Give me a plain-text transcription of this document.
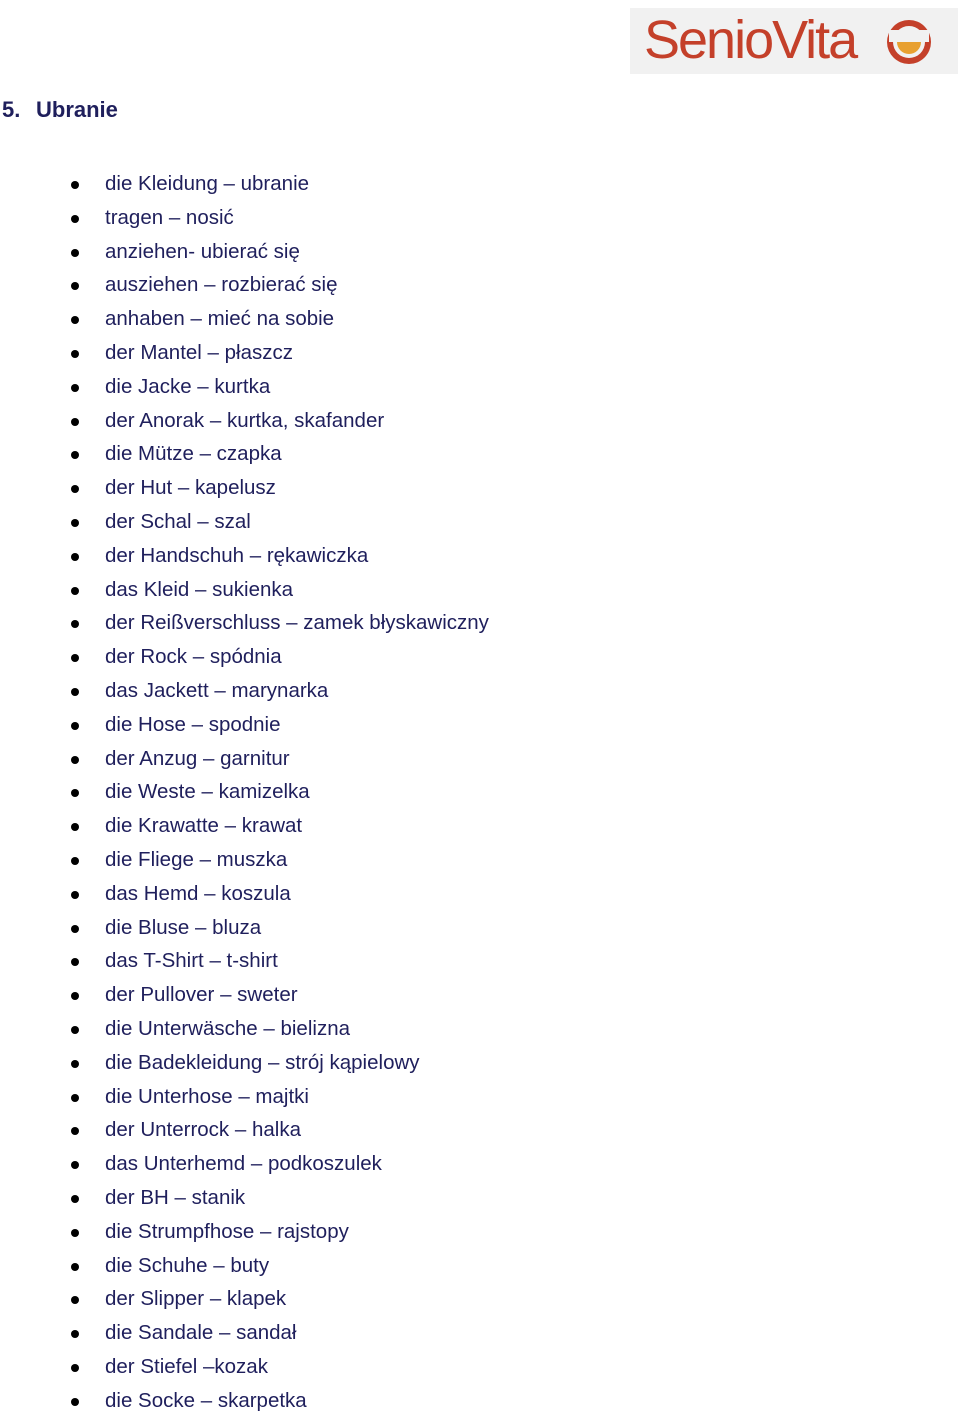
SenioVita
5. Ubranie
die Kleidung – ubranie
tragen – nosić
anziehen- ubierać się
ausziehen – rozbierać się
anhaben – mieć na sobie
der Mantel – płaszcz
die Jacke – kurtka
der Anorak – kurtka, skafander
die Mütze – czapka
der Hut – kapelusz
der Schal – szal
der Handschuh – rękawiczka
das Kleid – sukienka
der Reißverschluss – zamek błyskawiczny
der Rock – spódnia
das Jackett – marynarka
die Hose – spodnie
der Anzug – garnitur
die Weste – kamizelka
die Krawatte – krawat
die Fliege – muszka
das Hemd – koszula
die Bluse – bluza
das T-Shirt – t-shirt
der Pullover – sweter
die Unterwäsche – bielizna
die Badekleidung – strój kąpielowy
die Unterhose – majtki
der Unterrock – halka
das Unterhemd – podkoszulek
der BH – stanik
die Strumpfhose – rajstopy
die Schuhe – buty
der Slipper – klapek
die Sandale – sandał
der Stiefel –kozak
die Socke – skarpetka
